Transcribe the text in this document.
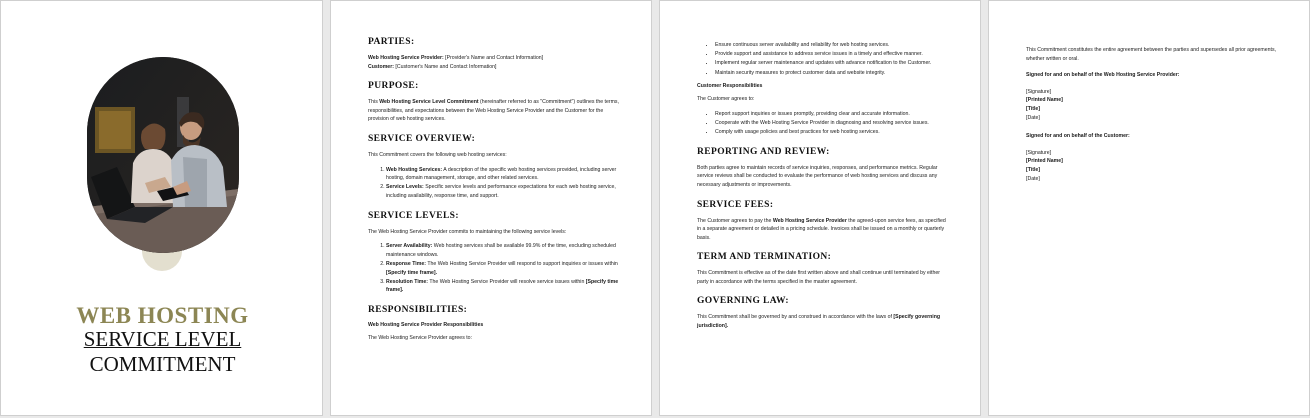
WEB HOSTING
SERVICE LEVEL
COMMITMENT
PARTIES:

Web Hosting Service Provider: [Provider's Name and Contact Information]

Customer: [Customer's Name and Contact Information]

PURPOSE:

This Web Hosting Service Level Commitment (hereinafter referred to as "Commitment") outlines the terms, responsibilities, and expectations between the Web Hosting Service Provider and the Customer for the provision of web hosting services.

SERVICE OVERVIEW:

This Commitment covers the following web hosting services:

1. Web Hosting Services: A description of the specific web hosting services provided, including server hosting, domain management, storage, and other related services.
2. Service Levels: Specific service levels and performance expectations for each web hosting service, including availability, response time, and support.
SERVICE LEVELS:

The Web Hosting Service Provider commits to maintaining the following service levels:

1. Server Availability: Web hosting services shall be available 99.9% of the time, excluding scheduled maintenance windows.
2. Response Time: The Web Hosting Service Provider will respond to support inquiries or issues within [Specify time frame].
3. Resolution Time: The Web Hosting Service Provider will resolve service issues within [Specify time frame].
RESPONSIBILITIES:
Web Hosting Service Provider Responsibilities

The Web Hosting Service Provider agrees to:

• Ensure continuous server availability and reliability for web hosting services.
• Provide support and assistance to address service issues in a timely and effective manner.
• Implement regular server maintenance and updates with advance notification to the Customer.
• Maintain security measures to protect customer data and website integrity.
Customer Responsibilities

The Customer agrees to:

• Report support inquiries or issues promptly, providing clear and accurate information.
• Cooperate with the Web Hosting Service Provider in diagnosing and resolving service issues.
• Comply with usage policies and best practices for web hosting services.
REPORTING AND REVIEW:

Both parties agree to maintain records of service inquiries, responses, and performance metrics. Regular service reviews shall be conducted to evaluate the performance of web hosting services and discuss any necessary adjustments or improvements.

SERVICE FEES:

The Customer agrees to pay the Web Hosting Service Provider the agreed-upon service fees, as specified in a separate agreement or detailed in a pricing schedule. Invoices shall be issued on a monthly or quarterly basis.

TERM AND TERMINATION:

This Commitment is effective as of the date first written above and shall continue until terminated by either party in accordance with the terms specified in the master agreement.

GOVERNING LAW:

This Commitment shall be governed by and construed in accordance with the laws of [Specify governing jurisdiction].

This Commitment constitutes the entire agreement between the parties and supersedes all prior agreements, whether written or oral.

Signed for and on behalf of the Web Hosting Service Provider:

[Signature]

[Printed Name]

[Title]

[Date]

Signed for and on behalf of the Customer:

[Signature]

[Printed Name]

[Title]

[Date]
